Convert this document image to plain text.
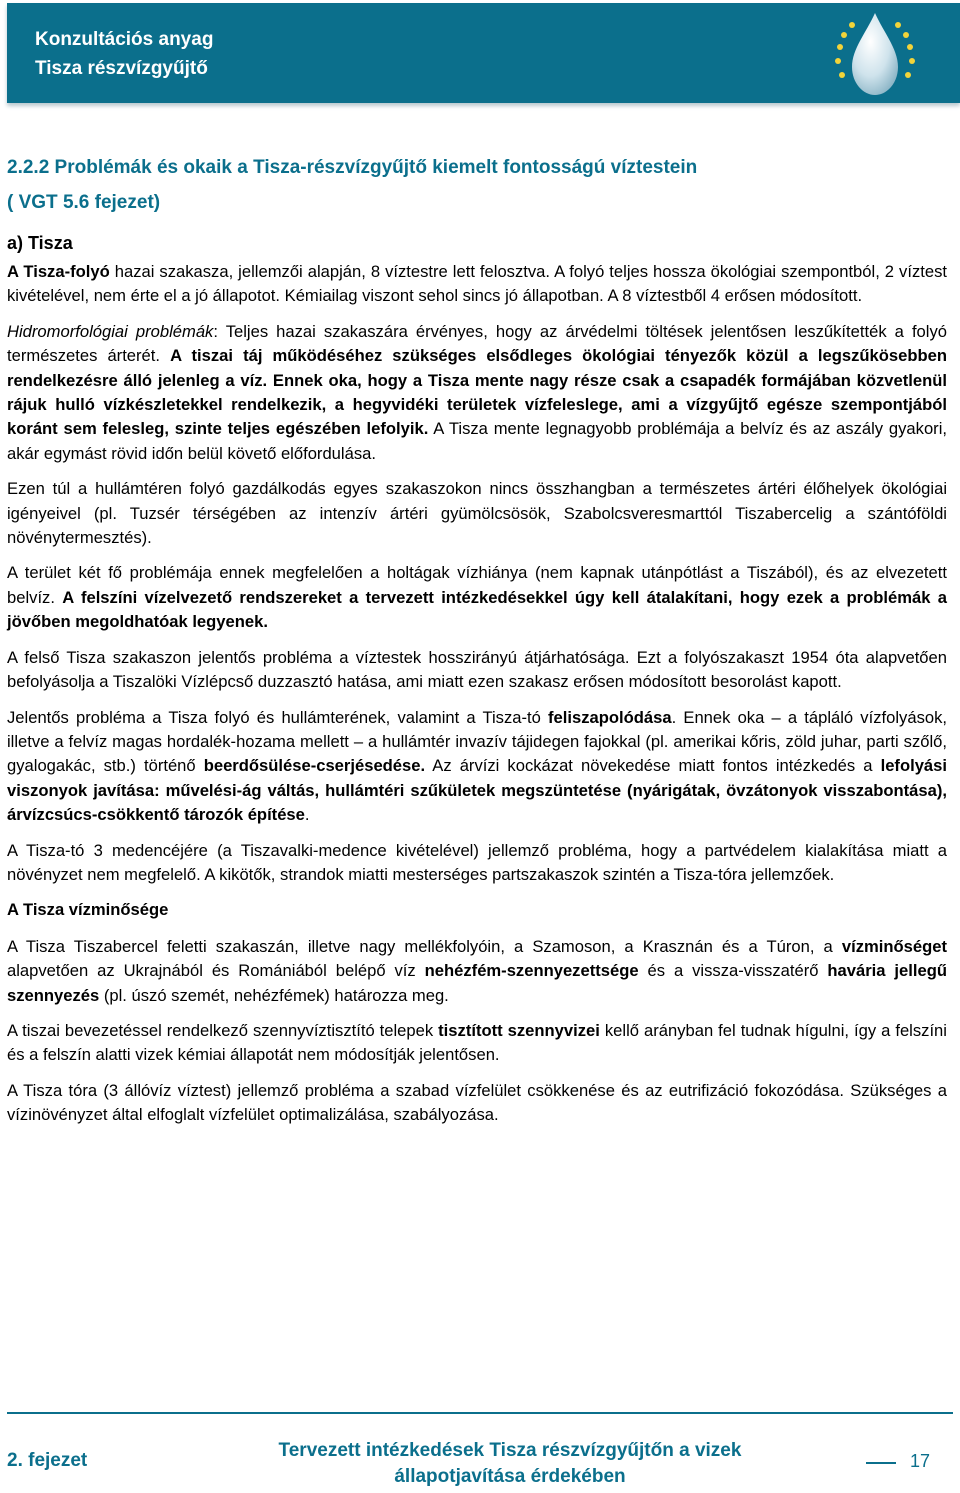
Konzultációs anyag
Tisza részvízgyűjtő
2.2.2 Problémák és okaik a Tisza-részvízgyűjtő kiemelt fontosságú víztestein
( VGT 5.6 fejezet)
a) Tisza

A Tisza-folyó hazai szakasza, jellemzői alapján, 8 víztestre lett felosztva. A folyó teljes hossza ökológiai szempontból, 2 víztest kivételével, nem érte el a jó állapotot. Kémiailag viszont sehol sincs jó állapotban. A 8 víztestből 4 erősen módosított.

Hidromorfológiai problémák: Teljes hazai szakaszára érvényes, hogy az árvédelmi töltések jelentősen leszűkítették a folyó természetes árterét. A tiszai táj működéséhez szükséges elsődleges ökológiai tényezők közül a legszűkösebben rendelkezésre álló jelenleg a víz. Ennek oka, hogy a Tisza mente nagy része csak a csapadék formájában közvetlenül rájuk hulló vízkészletekkel rendelkezik, a hegyvidéki területek vízfeleslege, ami a vízgyűjtő egésze szempontjából koránt sem felesleg, szinte teljes egészében lefolyik. A Tisza mente legnagyobb problémája a belvíz és az aszály gyakori, akár egymást rövid időn belül követő előfordulása.

Ezen túl a hullámtéren folyó gazdálkodás egyes szakaszokon nincs összhangban a természetes ártéri élőhelyek ökológiai igényeivel (pl. Tuzsér térségében az intenzív ártéri gyümölcsösök, Szabolcsveresmarttól Tiszabercelig a szántóföldi növénytermesztés).

A terület két fő problémája ennek megfelelően a holtágak vízhiánya (nem kapnak utánpótlást a Tiszából), és az elvezetett belvíz. A felszíni vízelvezető rendszereket a tervezett intézkedésekkel úgy kell átalakítani, hogy ezek a problémák a jövőben megoldhatóak legyenek.

A felső Tisza szakaszon jelentős probléma a víztestek hosszirányú átjárhatósága. Ezt a folyószakaszt 1954 óta alapvetően befolyásolja a Tiszalöki Vízlépcső duzzasztó hatása, ami miatt ezen szakasz erősen módosított besorolást kapott.

Jelentős probléma a Tisza folyó és hullámterének, valamint a Tisza-tó feliszapolódása. Ennek oka – a tápláló vízfolyások, illetve a felvíz magas hordalék-hozama mellett – a hullámtér invazív tájidegen fajokkal (pl. amerikai kőris, zöld juhar, parti szőlő, gyalogakác, stb.) történő beerdősülése-cserjésedése. Az árvízi kockázat növekedése miatt fontos intézkedés a lefolyási viszonyok javítása: művelési-ág váltás, hullámtéri szűkületek megszüntetése (nyárigátak, övzátonyok visszabontása), árvízcsúcs-csökkentő tározók építése.

A Tisza-tó 3 medencéjére (a Tiszavalki-medence kivételével) jellemző probléma, hogy a partvédelem kialakítása miatt a növényzet nem megfelelő. A kikötők, strandok miatti mesterséges partszakaszok szintén a Tisza-tóra jellemzőek.

A Tisza vízminősége

A Tisza Tiszabercel feletti szakaszán, illetve nagy mellékfolyóin, a Szamoson, a Krasznán és a Túron, a vízminőséget alapvetően az Ukrajnából és Romániából belépő víz nehézfém-szennyezettsége és a vissza-visszatérő havária jellegű szennyezés (pl. úszó szemét, nehézfémek) határozza meg.

A tiszai bevezetéssel rendelkező szennyvíztisztító telepek tisztított szennyvizei kellő arányban fel tudnak hígulni, így a felszíni és a felszín alatti vizek kémiai állapotát nem módosítják jelentősen.

A Tisza tóra (3 állóvíz víztest) jellemző probléma a szabad vízfelület csökkenése és az eutrifizáció fokozódása. Szükséges a vízinövényzet által elfoglalt vízfelület optimalizálása, szabályozása.

2. fejezet	Tervezett intézkedések Tisza részvízgyűjtőn a vizek
állapotjavítása érdekében
17
